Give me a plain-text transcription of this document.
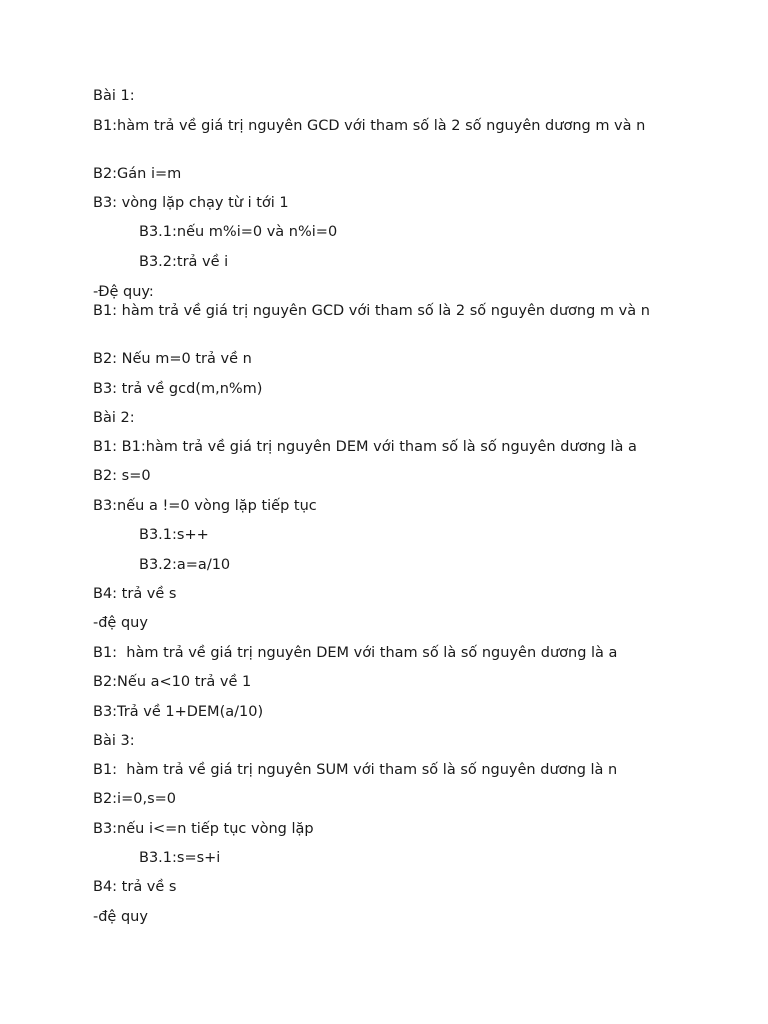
Bài 1:
B1:hàm trả về giá trị nguyên GCD với tham số là 2 số nguyên dương m và n
B2:Gán i=m
B3: vòng lặp chạy từ i tới 1
B3.1:nếu m%i=0 và n%i=0
B3.2:trả về i
-Đệ quy:
B1: hàm trả về giá trị nguyên GCD với tham số là 2 số nguyên dương m và n
B2: Nếu m=0 trả về n
B3: trả về gcd(m,n%m)
Bài 2:
B1: B1:hàm trả về giá trị nguyên DEM với tham số là số nguyên dương là a
B2: s=0
B3:nếu a !=0 vòng lặp tiếp tục
B3.1:s++
B3.2:a=a/10
B4: trả về s
-đệ quy
B1:  hàm trả về giá trị nguyên DEM với tham số là số nguyên dương là a
B2:Nếu a<10 trả về 1
B3:Trả về 1+DEM(a/10)
Bài 3:
B1:  hàm trả về giá trị nguyên SUM với tham số là số nguyên dương là n
B2:i=0,s=0
B3:nếu i<=n tiếp tục vòng lặp
B3.1:s=s+i
B4: trả về s
-đệ quy
